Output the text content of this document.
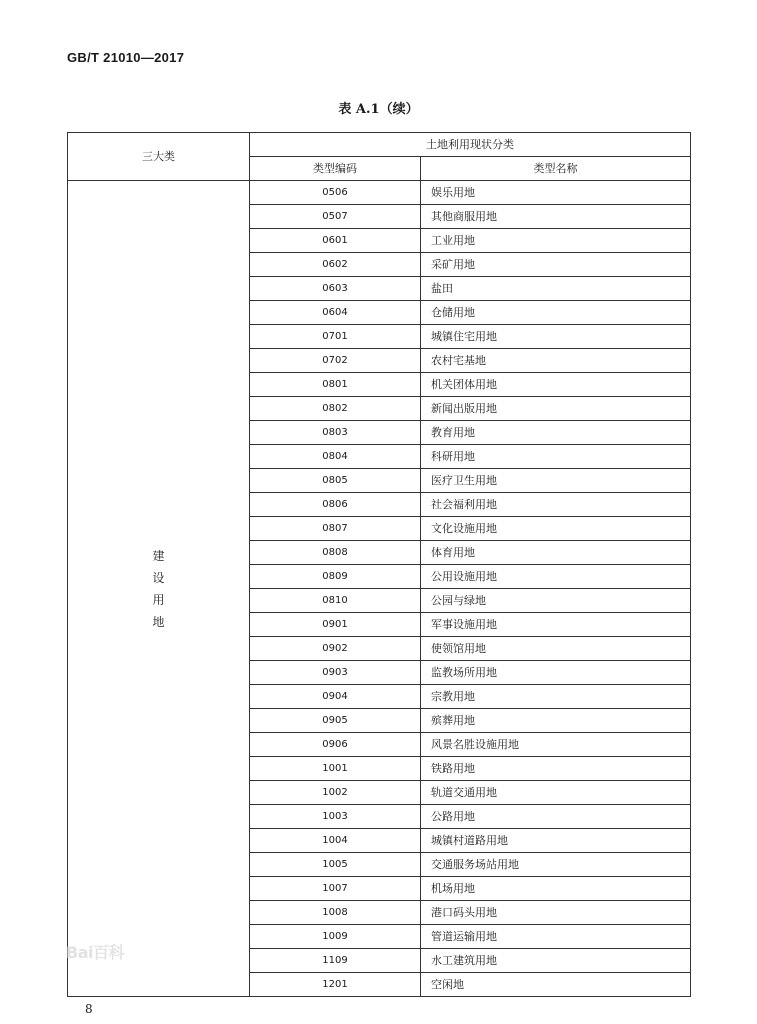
GB/T 21010—2017
表 A.1（续）
三大类	土地利用现状分类	
	类型编码	类型名称

建
设
用
地	0506	娱乐用地
	0507	其他商服用地
	0601	工业用地
	0602	采矿用地
	0603	盐田
	0604	仓储用地
	0701	城镇住宅用地
	0702	农村宅基地
	0801	机关团体用地
	0802	新闻出版用地
	0803	教育用地
	0804	科研用地
	0805	医疗卫生用地
	0806	社会福利用地
	0807	文化设施用地
	0808	体育用地
	0809	公用设施用地
	0810	公园与绿地
	0901	军事设施用地
	0902	使领馆用地
	0903	监教场所用地
	0904	宗教用地
	0905	殡葬用地
	0906	风景名胜设施用地
	1001	铁路用地
	1002	轨道交通用地
	1003	公路用地
	1004	城镇村道路用地
	1005	交通服务场站用地
	1007	机场用地
	1008	港口码头用地
	1009	管道运输用地
	1109	水工建筑用地
	1201	空闲地
8
Bai百科
